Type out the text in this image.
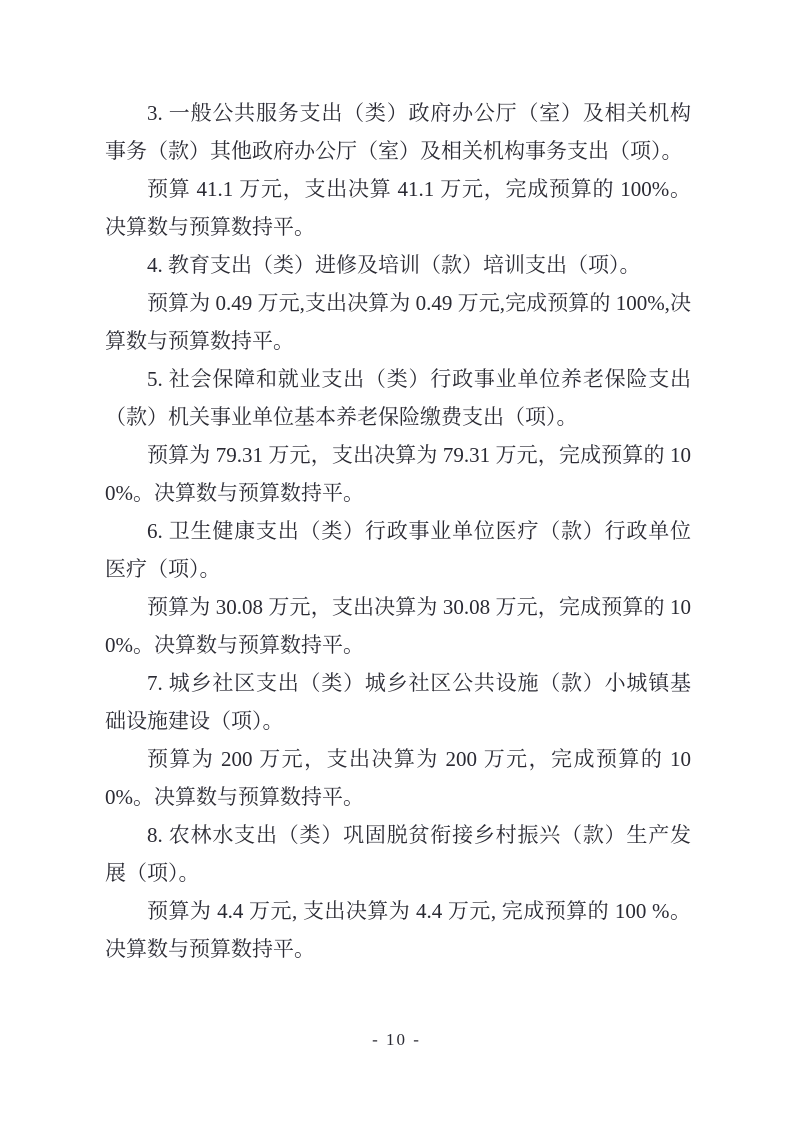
3. 一般公共服务支出（类）政府办公厅（室）及相关机构事务（款）其他政府办公厅（室）及相关机构事务支出（项）。

预算 41.1 万元，支出决算 41.1 万元，完成预算的 100%。决算数与预算数持平。

4. 教育支出（类）进修及培训（款）培训支出（项）。

预算为 0.49 万元,支出决算为 0.49 万元,完成预算的 100%,决算数与预算数持平。

5. 社会保障和就业支出（类）行政事业单位养老保险支出（款）机关事业单位基本养老保险缴费支出（项）。

预算为 79.31 万元，支出决算为 79.31 万元，完成预算的 100%。决算数与预算数持平。

6. 卫生健康支出（类）行政事业单位医疗（款）行政单位医疗（项）。

预算为 30.08 万元，支出决算为 30.08 万元，完成预算的 100%。决算数与预算数持平。

7. 城乡社区支出（类）城乡社区公共设施（款）小城镇基础设施建设（项）。

预算为 200 万元，支出决算为 200 万元，完成预算的 100%。决算数与预算数持平。

8. 农林水支出（类）巩固脱贫衔接乡村振兴（款）生产发展（项）。

预算为 4.4 万元, 支出决算为 4.4 万元, 完成预算的 100 %。决算数与预算数持平。

- 10 -
